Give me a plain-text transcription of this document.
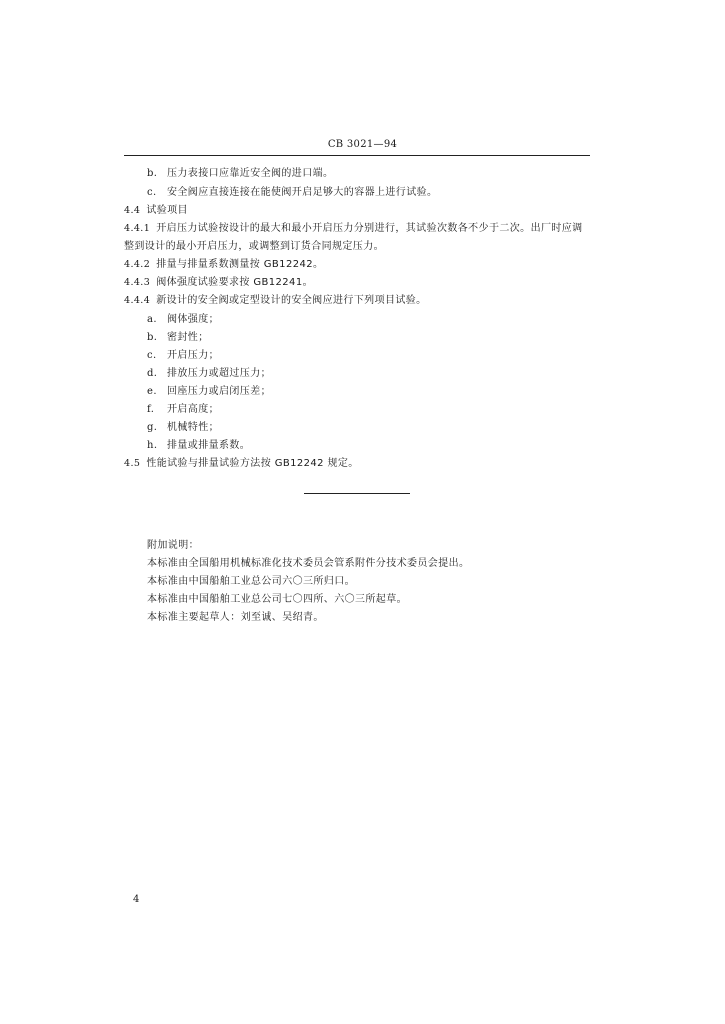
CB 3021—94
b. 压力表接口应靠近安全阀的进口端。
c. 安全阀应直接连接在能使阀开启足够大的容器上进行试验。
4.4 试验项目
4.4.1 开启压力试验按设计的最大和最小开启压力分别进行，其试验次数各不少于二次。出厂时应调
整到设计的最小开启压力，或调整到订货合同规定压力。
4.4.2 排量与排量系数测量按 GB12242。
4.4.3 阀体强度试验要求按 GB12241。
4.4.4 新设计的安全阀或定型设计的安全阀应进行下列项目试验。
a. 阀体强度；
b. 密封性；
c. 开启压力；
d. 排放压力或超过压力；
e. 回座压力或启闭压差；
f. 开启高度；
g. 机械特性；
h. 排量或排量系数。
4.5 性能试验与排量试验方法按 GB12242 规定。
附加说明：
本标准由全国船用机械标准化技术委员会管系附件分技术委员会提出。
本标准由中国船舶工业总公司六〇三所归口。
本标准由中国船舶工业总公司七〇四所、六〇三所起草。
本标准主要起草人：刘至诚、吴绍青。
4
